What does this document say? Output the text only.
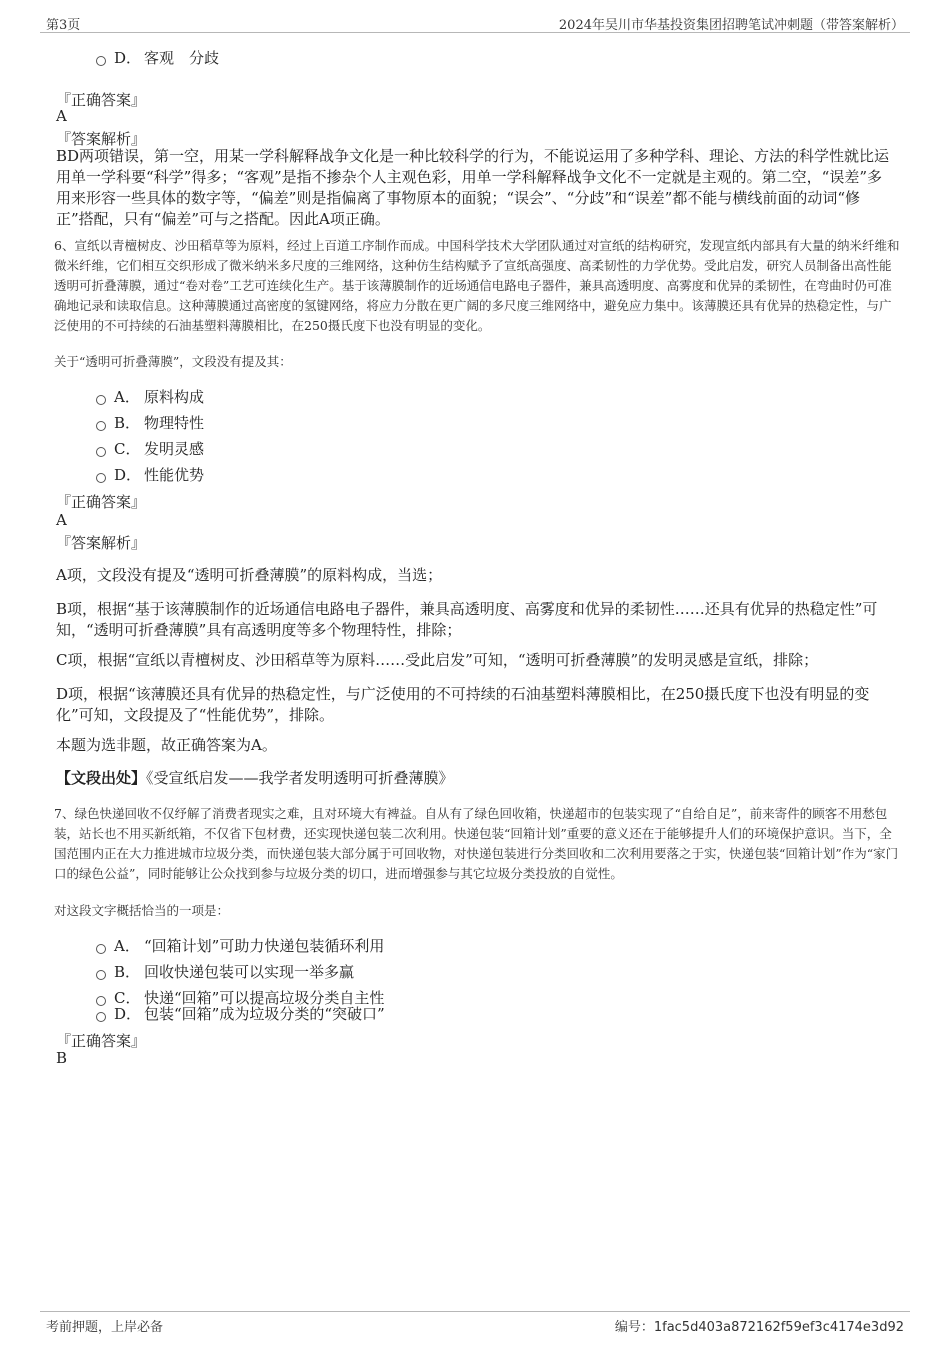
第3页	2024年吴川市华基投资集团招聘笔试冲刺题（带答案解析）
D． 客观　分歧
『正确答案』
A
『答案解析』
BD两项错误，第一空，用某一学科解释战争文化是一种比较科学的行为，不能说运用了多种学科、理论、方法的科学性就比运用单一学科要“科学”得多；“客观”是指不掺杂个人主观色彩，用单一学科解释战争文化不一定就是主观的。第二空，“误差”多用来形容一些具体的数字等，“偏差”则是指偏离了事物原本的面貌；“误会”、“分歧”和“误差”都不能与横线前面的动词“修正”搭配，只有“偏差”可与之搭配。因此A项正确。
6、宣纸以青檀树皮、沙田稻草等为原料，经过上百道工序制作而成。中国科学技术大学团队通过对宣纸的结构研究，发现宣纸内部具有大量的纳米纤维和微米纤维，它们相互交织形成了微米纳米多尺度的三维网络，这种仿生结构赋予了宣纸高强度、高柔韧性的力学优势。受此启发，研究人员制备出高性能透明可折叠薄膜，通过“卷对卷”工艺可连续化生产。基于该薄膜制作的近场通信电路电子器件，兼具高透明度、高雾度和优异的柔韧性，在弯曲时仍可准确地记录和读取信息。这种薄膜通过高密度的氢键网络，将应力分散在更广阔的多尺度三维网络中，避免应力集中。该薄膜还具有优异的热稳定性，与广泛使用的不可持续的石油基塑料薄膜相比，在250摄氏度下也没有明显的变化。
关于“透明可折叠薄膜”，文段没有提及其：
A． 原料构成
B． 物理特性
C． 发明灵感
D． 性能优势
『正确答案』
A
『答案解析』
A项，文段没有提及“透明可折叠薄膜”的原料构成，当选；
B项，根据“基于该薄膜制作的近场通信电路电子器件，兼具高透明度、高雾度和优异的柔韧性……还具有优异的热稳定性”可知，“透明可折叠薄膜”具有高透明度等多个物理特性，排除；
C项，根据“宣纸以青檀树皮、沙田稻草等为原料……受此启发”可知，“透明可折叠薄膜”的发明灵感是宣纸，排除；
D项，根据“该薄膜还具有优异的热稳定性，与广泛使用的不可持续的石油基塑料薄膜相比，在250摄氏度下也没有明显的变化”可知，文段提及了“性能优势”，排除。
本题为选非题，故正确答案为A。
【文段出处】《受宣纸启发——我学者发明透明可折叠薄膜》
7、绿色快递回收不仅纾解了消费者现实之难，且对环境大有裨益。自从有了绿色回收箱，快递超市的包装实现了“自给自足”，前来寄件的顾客不用愁包装，站长也不用买新纸箱，不仅省下包材费，还实现快递包装二次利用。快递包装“回箱计划”重要的意义还在于能够提升人们的环境保护意识。当下，全国范围内正在大力推进城市垃圾分类，而快递包装大部分属于可回收物，对快递包装进行分类回收和二次利用要落之于实，快递包装“回箱计划”作为“家门口的绿色公益”，同时能够让公众找到参与垃圾分类的切口，进而增强参与其它垃圾分类投放的自觉性。
对这段文字概括恰当的一项是：
A． “回箱计划”可助力快递包装循环利用
B． 回收快递包装可以实现一举多赢
C． 快递“回箱”可以提高垃圾分类自主性
D． 包装“回箱”成为垃圾分类的“突破口”
『正确答案』
B
考前押题，上岸必备	编号：1fac5d403a872162f59ef3c4174e3d92
